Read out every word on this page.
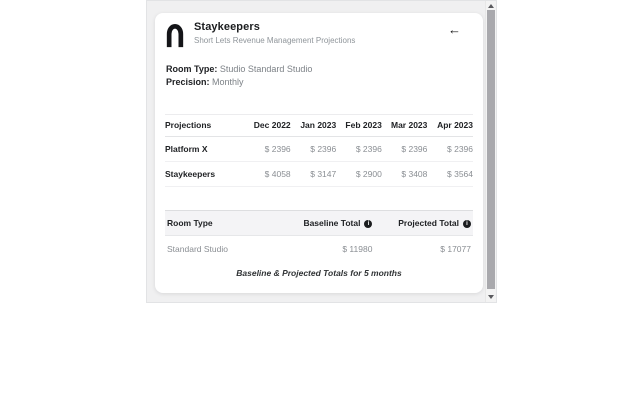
Staykeepers
Short Lets Revenue Management Projections
←
Room Type: Studio Standard Studio
Precision: Monthly
Projections	Dec 2022	Jan 2023	Feb 2023	Mar 2023	Apr 2023
Platform X	$ 2396	$ 2396	$ 2396	$ 2396	$ 2396
Staykeepers	$ 4058	$ 3147	$ 2900	$ 3408	$ 3564
Room Type	Baseline Total i	Projected Total i
Standard Studio	$ 11980	$ 17077
Baseline & Projected Totals for 5 months
